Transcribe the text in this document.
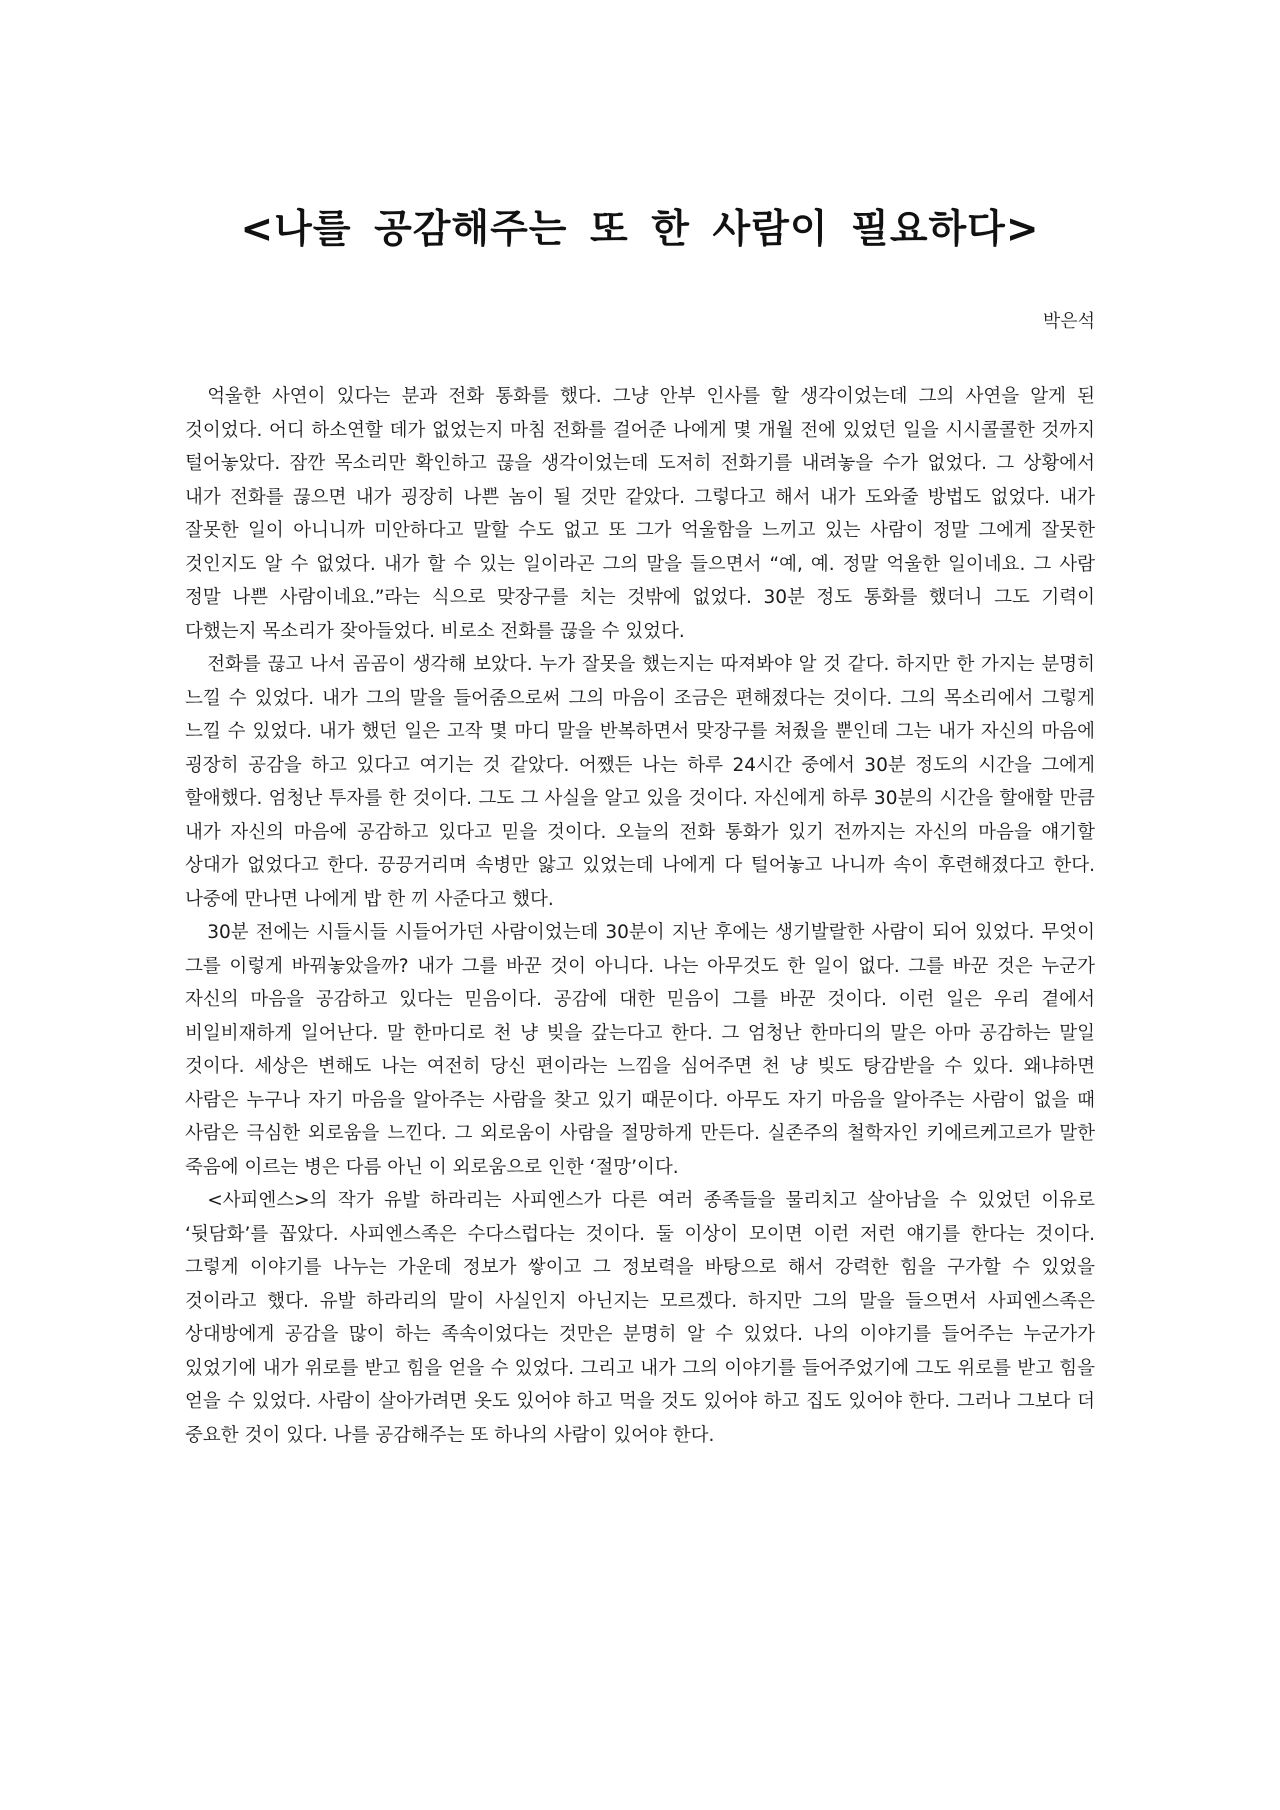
<나를 공감해주는 또 한 사람이 필요하다>
박은석

억울한 사연이 있다는 분과 전화 통화를 했다. 그냥 안부 인사를 할 생각이었는데 그의 사연을 알게 된 것이었다. 어디 하소연할 데가 없었는지 마침 전화를 걸어준 나에게 몇 개월 전에 있었던 일을 시시콜콜한 것까지 털어놓았다. 잠깐 목소리만 확인하고 끊을 생각이었는데 도저히 전화기를 내려놓을 수가 없었다. 그 상황에서 내가 전화를 끊으면 내가 굉장히 나쁜 놈이 될 것만 같았다. 그렇다고 해서 내가 도와줄 방법도 없었다. 내가 잘못한 일이 아니니까 미안하다고 말할 수도 없고 또 그가 억울함을 느끼고 있는 사람이 정말 그에게 잘못한 것인지도 알 수 없었다. 내가 할 수 있는 일이라곤 그의 말을 들으면서 “예, 예. 정말 억울한 일이네요. 그 사람 정말 나쁜 사람이네요.”라는 식으로 맞장구를 치는 것밖에 없었다. 30분 정도 통화를 했더니 그도 기력이 다했는지 목소리가 잦아들었다. 비로소 전화를 끊을 수 있었다.

전화를 끊고 나서 곰곰이 생각해 보았다. 누가 잘못을 했는지는 따져봐야 알 것 같다. 하지만 한 가지는 분명히 느낄 수 있었다. 내가 그의 말을 들어줌으로써 그의 마음이 조금은 편해졌다는 것이다. 그의 목소리에서 그렇게 느낄 수 있었다. 내가 했던 일은 고작 몇 마디 말을 반복하면서 맞장구를 쳐줬을 뿐인데 그는 내가 자신의 마음에 굉장히 공감을 하고 있다고 여기는 것 같았다. 어쨌든 나는 하루 24시간 중에서 30분 정도의 시간을 그에게 할애했다. 엄청난 투자를 한 것이다. 그도 그 사실을 알고 있을 것이다. 자신에게 하루 30분의 시간을 할애할 만큼 내가 자신의 마음에 공감하고 있다고 믿을 것이다. 오늘의 전화 통화가 있기 전까지는 자신의 마음을 얘기할 상대가 없었다고 한다. 끙끙거리며 속병만 앓고 있었는데 나에게 다 털어놓고 나니까 속이 후련해졌다고 한다. 나중에 만나면 나에게 밥 한 끼 사준다고 했다.

30분 전에는 시들시들 시들어가던 사람이었는데 30분이 지난 후에는 생기발랄한 사람이 되어 있었다. 무엇이 그를 이렇게 바꿔놓았을까? 내가 그를 바꾼 것이 아니다. 나는 아무것도 한 일이 없다. 그를 바꾼 것은 누군가 자신의 마음을 공감하고 있다는 믿음이다. 공감에 대한 믿음이 그를 바꾼 것이다. 이런 일은 우리 곁에서 비일비재하게 일어난다. 말 한마디로 천 냥 빚을 갚는다고 한다. 그 엄청난 한마디의 말은 아마 공감하는 말일 것이다. 세상은 변해도 나는 여전히 당신 편이라는 느낌을 심어주면 천 냥 빚도 탕감받을 수 있다. 왜냐하면 사람은 누구나 자기 마음을 알아주는 사람을 찾고 있기 때문이다. 아무도 자기 마음을 알아주는 사람이 없을 때 사람은 극심한 외로움을 느낀다. 그 외로움이 사람을 절망하게 만든다. 실존주의 철학자인 키에르케고르가 말한 죽음에 이르는 병은 다름 아닌 이 외로움으로 인한 ‘절망’이다.

<사피엔스>의 작가 유발 하라리는 사피엔스가 다른 여러 종족들을 물리치고 살아남을 수 있었던 이유로 ‘뒷담화’를 꼽았다. 사피엔스족은 수다스럽다는 것이다. 둘 이상이 모이면 이런 저런 얘기를 한다는 것이다. 그렇게 이야기를 나누는 가운데 정보가 쌓이고 그 정보력을 바탕으로 해서 강력한 힘을 구가할 수 있었을 것이라고 했다. 유발 하라리의 말이 사실인지 아닌지는 모르겠다. 하지만 그의 말을 들으면서 사피엔스족은 상대방에게 공감을 많이 하는 족속이었다는 것만은 분명히 알 수 있었다. 나의 이야기를 들어주는 누군가가 있었기에 내가 위로를 받고 힘을 얻을 수 있었다. 그리고 내가 그의 이야기를 들어주었기에 그도 위로를 받고 힘을 얻을 수 있었다. 사람이 살아가려면 옷도 있어야 하고 먹을 것도 있어야 하고 집도 있어야 한다. 그러나 그보다 더 중요한 것이 있다. 나를 공감해주는 또 하나의 사람이 있어야 한다.
